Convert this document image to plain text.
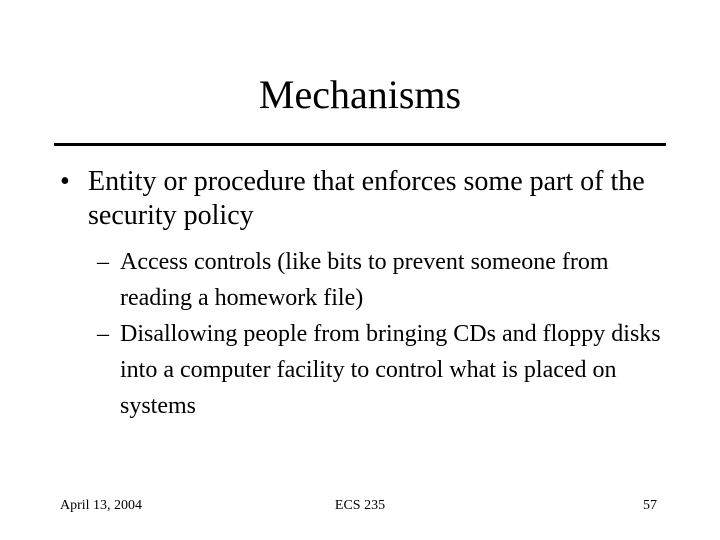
Mechanisms
• Entity or procedure that enforces some part of the security policy
– Access controls (like bits to prevent someone from reading a homework file)
– Disallowing people from bringing CDs and floppy disks into a computer facility to control what is placed on systems
April 13, 2004	ECS 235	57
